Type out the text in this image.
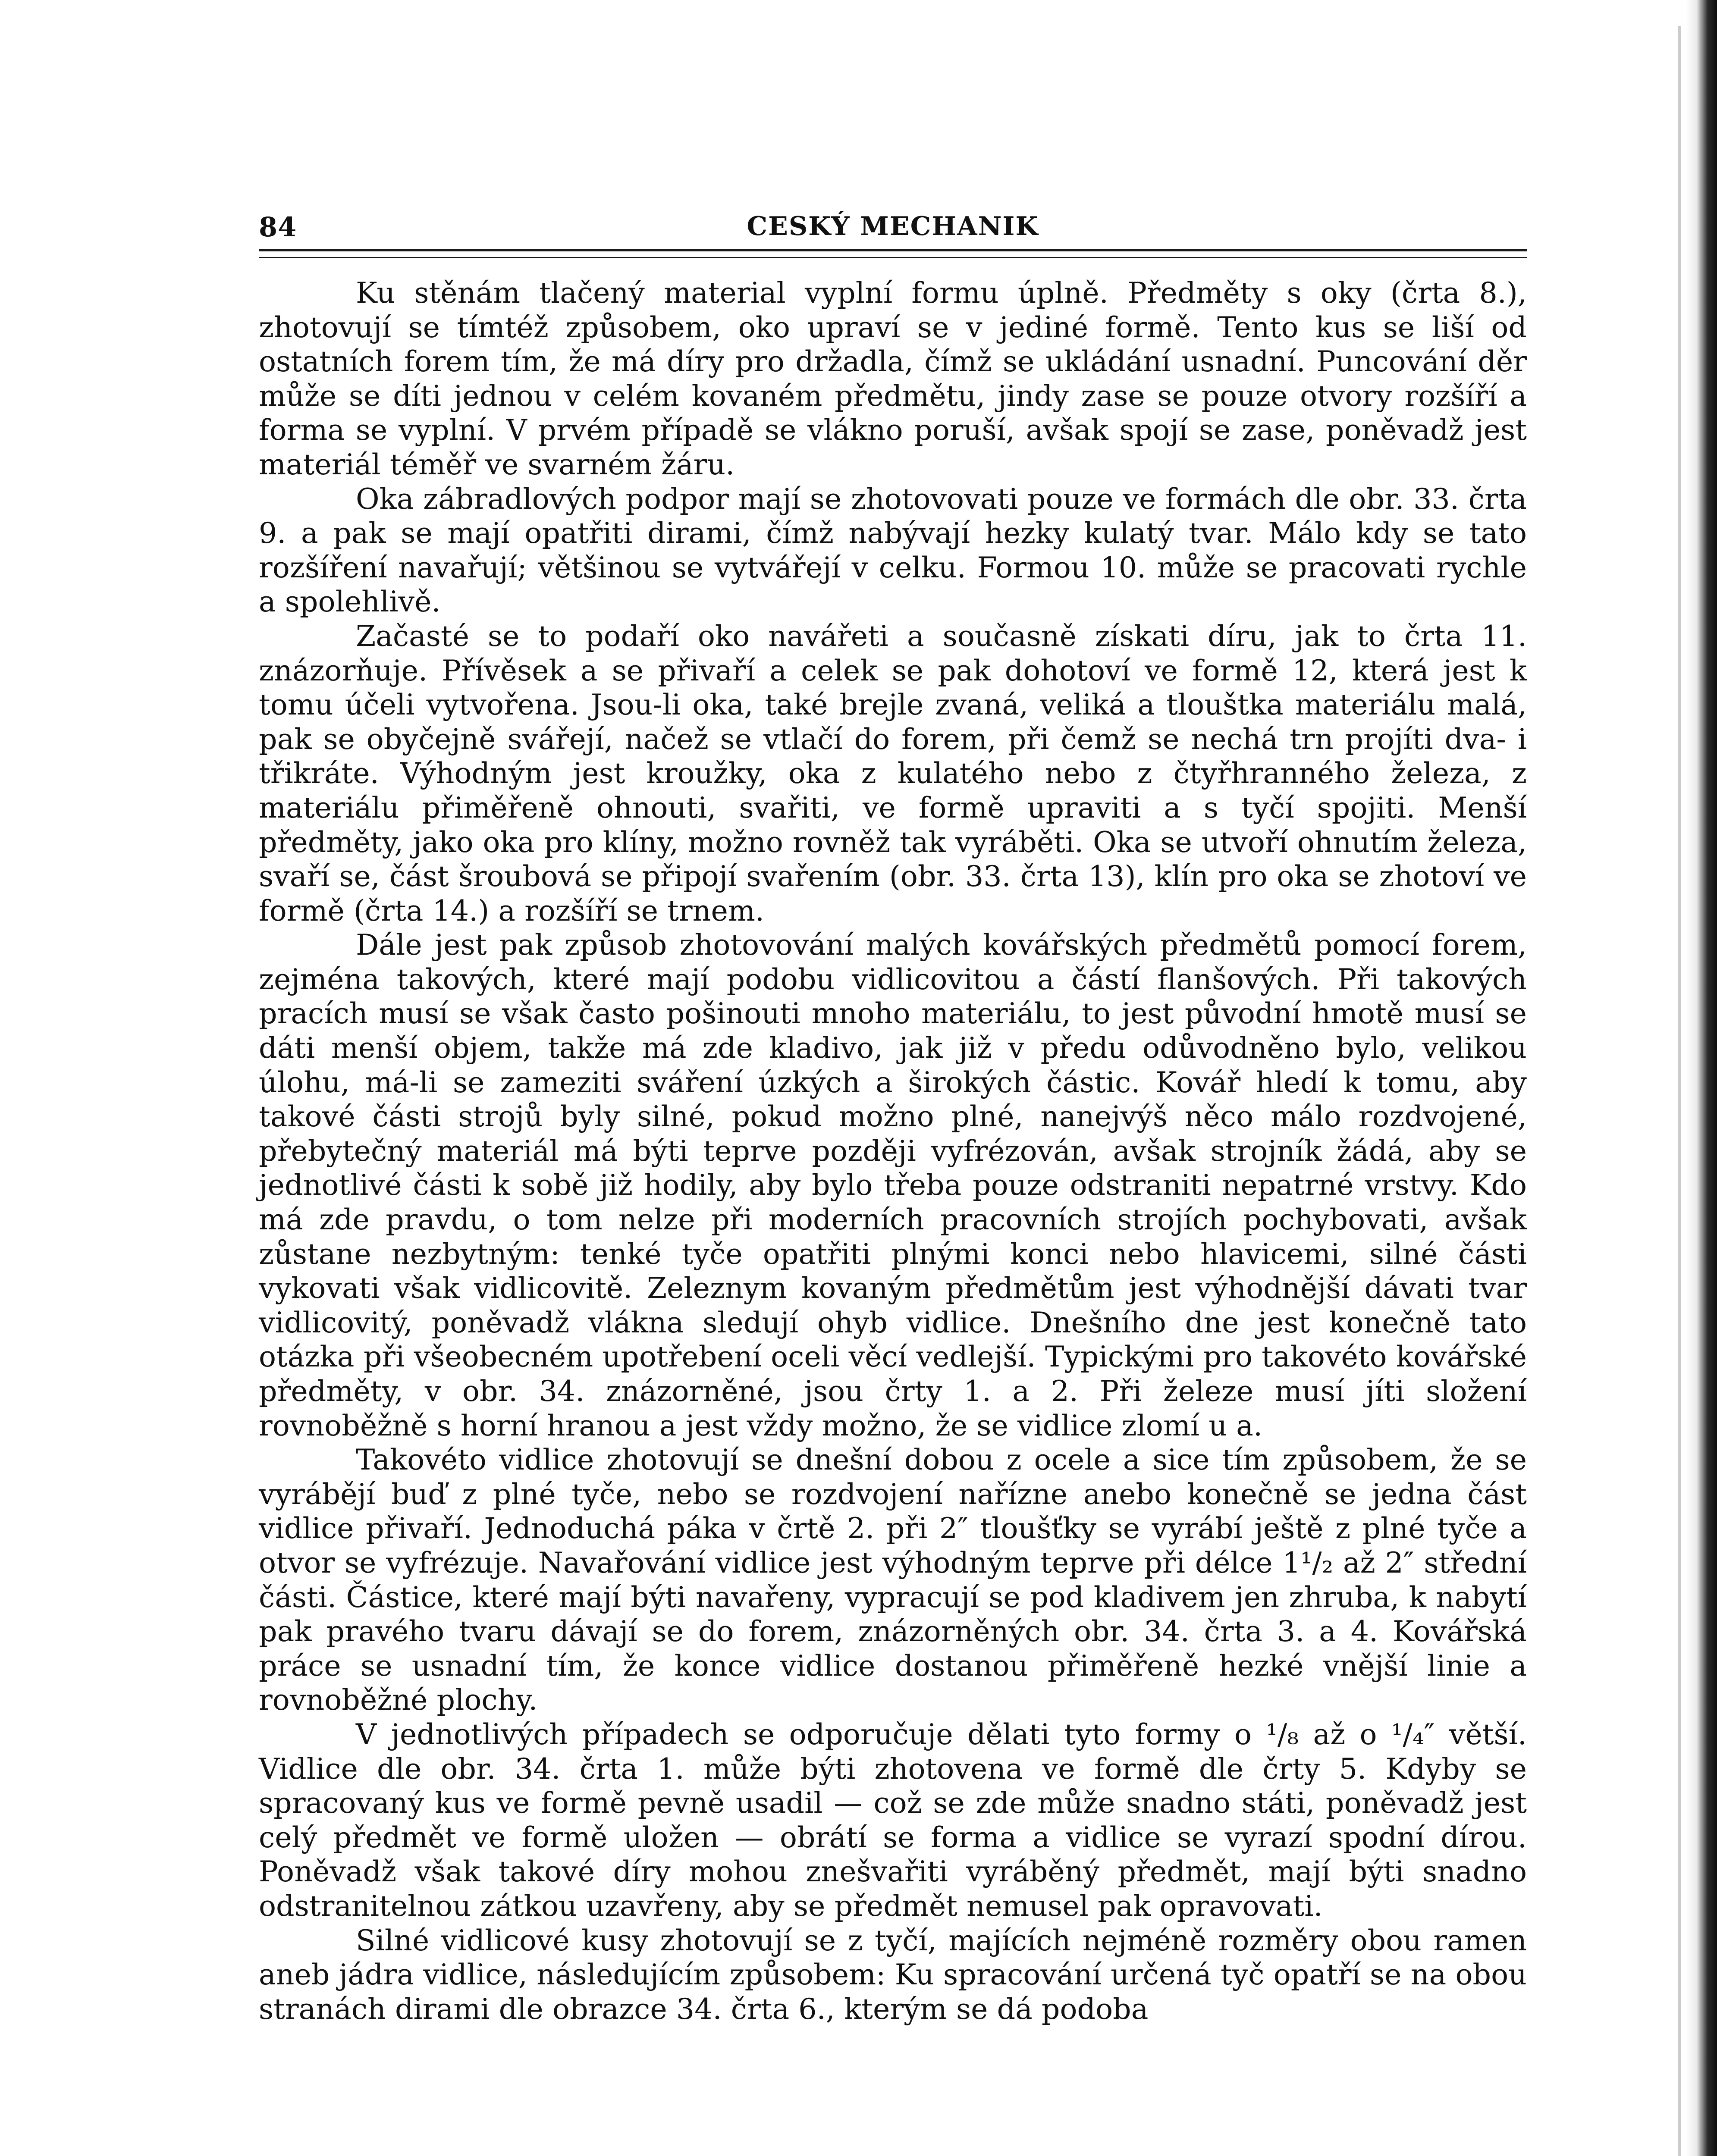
84	CESKÝ MECHANIK

Ku stěnám tlačený material vyplní formu úplně. Předměty s oky (črta 8.), zhotovují se tímtéž způsobem, oko upraví se v jediné formě. Tento kus se liší od ostatních forem tím, že má díry pro držadla, čímž se ukládání usnadní. Puncování děr může se díti jednou v celém kovaném předmětu, jindy zase se pouze otvory rozšíří a forma se vyplní. V prvém případě se vlákno poruší, avšak spojí se zase, poněvadž jest materiál téměř ve svarném žáru.

Oka zábradlových podpor mají se zhotovovati pouze ve formách dle obr. 33. črta 9. a pak se mají opatřiti dirami, čímž nabývají hezky kulatý tvar. Málo kdy se tato rozšíření navařují; většinou se vytvářejí v celku. Formou 10. může se pracovati rychle a spolehlivě.

Začasté se to podaří oko navářeti a současně získati díru, jak to črta 11. znázorňuje. Přívěsek a se přivaří a celek se pak dohotoví ve formě 12, která jest k tomu účeli vytvořena. Jsou-li oka, také brejle zvaná, veliká a tlouštka materiálu malá, pak se obyčejně svářejí, načež se vtlačí do forem, při čemž se nechá trn projíti dva- i třikráte. Výhodným jest kroužky, oka z kulatého nebo z čtyřhranného železa, z materiálu přiměřeně ohnouti, svařiti, ve formě upraviti a s tyčí spojiti. Menší předměty, jako oka pro klíny, možno rovněž tak vyráběti. Oka se utvoří ohnutím železa, svaří se, část šroubová se připojí svařením (obr. 33. črta 13), klín pro oka se zhotoví ve formě (črta 14.) a rozšíří se trnem.

Dále jest pak způsob zhotovování malých kovářských předmětů pomocí forem, zejména takových, které mají podobu vidlicovitou a částí flanšových. Při takových pracích musí se však často pošinouti mnoho materiálu, to jest původní hmotě musí se dáti menší objem, takže má zde kladivo, jak již v předu odůvodněno bylo, velikou úlohu, má-li se zameziti sváření úzkých a širokých částic. Kovář hledí k tomu, aby takové části strojů byly silné, pokud možno plné, nanejvýš něco málo rozdvojené, přebytečný materiál má býti teprve později vyfrézován, avšak strojník žádá, aby se jednotlivé části k sobě již hodily, aby bylo třeba pouze odstraniti nepatrné vrstvy. Kdo má zde pravdu, o tom nelze při moderních pracovních strojích pochybovati, avšak zůstane nezbytným: tenké tyče opatřiti plnými konci nebo hlavicemi, silné části vykovati však vidlicovitě. Zeleznym kovaným předmětům jest výhodnější dávati tvar vidlicovitý, poněvadž vlákna sledují ohyb vidlice. Dnešního dne jest konečně tato otázka při všeobecném upotřebení oceli věcí vedlejší. Typickými pro takovéto kovářské předměty, v obr. 34. znázorněné, jsou črty 1. a 2. Při železe musí jíti složení rovnoběžně s horní hranou a jest vždy možno, že se vidlice zlomí u a.

Takovéto vidlice zhotovují se dnešní dobou z ocele a sice tím způsobem, že se vyrábějí buď z plné tyče, nebo se rozdvojení nařízne anebo konečně se jedna část vidlice přivaří. Jednoduchá páka v črtě 2. při 2″ tloušťky se vyrábí ještě z plné tyče a otvor se vyfrézuje. Navařování vidlice jest výhodným teprve při délce 1¹/₂ až 2″ střední části. Částice, které mají býti navařeny, vypracují se pod kladivem jen zhruba, k nabytí pak pravého tvaru dávají se do forem, znázorněných obr. 34. črta 3. a 4. Kovářská práce se usnadní tím, že konce vidlice dostanou přiměřeně hezké vnější linie a rovnoběžné plochy.

V jednotlivých případech se odporučuje dělati tyto formy o ¹/₈ až o ¹/₄″ větší. Vidlice dle obr. 34. črta 1. může býti zhotovena ve formě dle črty 5. Kdyby se spracovaný kus ve formě pevně usadil — což se zde může snadno státi, poněvadž jest celý předmět ve formě uložen — obrátí se forma a vidlice se vyrazí spodní dírou. Poněvadž však takové díry mohou znešvařiti vyráběný předmět, mají býti snadno odstranitelnou zátkou uzavřeny, aby se předmět nemusel pak opravovati.

Silné vidlicové kusy zhotovují se z tyčí, majících nejméně rozměry obou ramen aneb jádra vidlice, následujícím způsobem: Ku spracování určená tyč opatří se na obou stranách dirami dle obrazce 34. črta 6., kterým se dá podoba
